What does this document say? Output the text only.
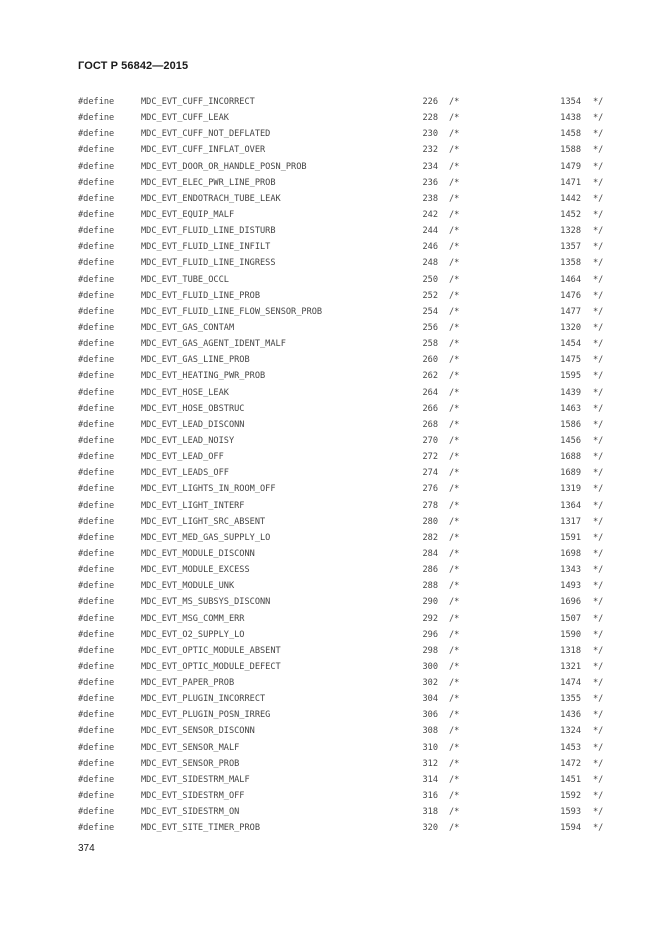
ГОСТ Р 56842—2015
#define	MDC_EVT_CUFF_INCORRECT	226 /*	1354 */
#define	MDC_EVT_CUFF_LEAK	228 /*	1438 */
#define	MDC_EVT_CUFF_NOT_DEFLATED	230 /*	1458 */
#define	MDC_EVT_CUFF_INFLAT_OVER	232 /*	1588 */
#define	MDC_EVT_DOOR_OR_HANDLE_POSN_PROB	234 /*	1479 */
#define	MDC_EVT_ELEC_PWR_LINE_PROB	236 /*	1471 */
#define	MDC_EVT_ENDOTRACH_TUBE_LEAK	238 /*	1442 */
#define	MDC_EVT_EQUIP_MALF	242 /*	1452 */
#define	MDC_EVT_FLUID_LINE_DISTURB	244 /*	1328 */
#define	MDC_EVT_FLUID_LINE_INFILT	246 /*	1357 */
#define	MDC_EVT_FLUID_LINE_INGRESS	248 /*	1358 */
#define	MDC_EVT_TUBE_OCCL	250 /*	1464 */
#define	MDC_EVT_FLUID_LINE_PROB	252 /*	1476 */
#define	MDC_EVT_FLUID_LINE_FLOW_SENSOR_PROB	254 /*	1477 */
#define	MDC_EVT_GAS_CONTAM	256 /*	1320 */
#define	MDC_EVT_GAS_AGENT_IDENT_MALF	258 /*	1454 */
#define	MDC_EVT_GAS_LINE_PROB	260 /*	1475 */
#define	MDC_EVT_HEATING_PWR_PROB	262 /*	1595 */
#define	MDC_EVT_HOSE_LEAK	264 /*	1439 */
#define	MDC_EVT_HOSE_OBSTRUC	266 /*	1463 */
#define	MDC_EVT_LEAD_DISCONN	268 /*	1586 */
#define	MDC_EVT_LEAD_NOISY	270 /*	1456 */
#define	MDC_EVT_LEAD_OFF	272 /*	1688 */
#define	MDC_EVT_LEADS_OFF	274 /*	1689 */
#define	MDC_EVT_LIGHTS_IN_ROOM_OFF	276 /*	1319 */
#define	MDC_EVT_LIGHT_INTERF	278 /*	1364 */
#define	MDC_EVT_LIGHT_SRC_ABSENT	280 /*	1317 */
#define	MDC_EVT_MED_GAS_SUPPLY_LO	282 /*	1591 */
#define	MDC_EVT_MODULE_DISCONN	284 /*	1698 */
#define	MDC_EVT_MODULE_EXCESS	286 /*	1343 */
#define	MDC_EVT_MODULE_UNK	288 /*	1493 */
#define	MDC_EVT_MS_SUBSYS_DISCONN	290 /*	1696 */
#define	MDC_EVT_MSG_COMM_ERR	292 /*	1507 */
#define	MDC_EVT_O2_SUPPLY_LO	296 /*	1590 */
#define	MDC_EVT_OPTIC_MODULE_ABSENT	298 /*	1318 */
#define	MDC_EVT_OPTIC_MODULE_DEFECT	300 /*	1321 */
#define	MDC_EVT_PAPER_PROB	302 /*	1474 */
#define	MDC_EVT_PLUGIN_INCORRECT	304 /*	1355 */
#define	MDC_EVT_PLUGIN_POSN_IRREG	306 /*	1436 */
#define	MDC_EVT_SENSOR_DISCONN	308 /*	1324 */
#define	MDC_EVT_SENSOR_MALF	310 /*	1453 */
#define	MDC_EVT_SENSOR_PROB	312 /*	1472 */
#define	MDC_EVT_SIDESTRM_MALF	314 /*	1451 */
#define	MDC_EVT_SIDESTRM_OFF	316 /*	1592 */
#define	MDC_EVT_SIDESTRM_ON	318 /*	1593 */
#define	MDC_EVT_SITE_TIMER_PROB	320 /*	1594 */
374
